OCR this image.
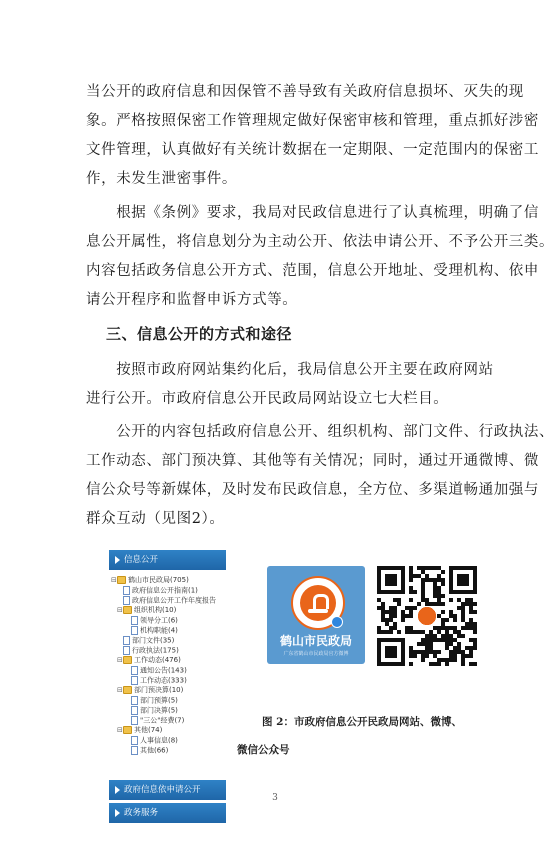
当公开的政府信息和因保管不善导致有关政府信息损坏、灭失的现
象。严格按照保密工作管理规定做好保密审核和管理，重点抓好涉密
文件管理，认真做好有关统计数据在一定期限、一定范围内的保密工
作，未发生泄密事件。

　　根据《条例》要求，我局对民政信息进行了认真梳理，明确了信
息公开属性，将信息划分为主动公开、依法申请公开、不予公开三类。
内容包括政务信息公开方式、范围，信息公开地址、受理机构、依申
请公开程序和监督申诉方式等。

三、信息公开的方式和途径

　　按照市政府网站集约化后，我局信息公开主要在政府网站
进行公开。市政府信息公开民政局网站设立七大栏目。

　　公开的内容包括政府信息公开、组织机构、部门文件、行政执法、
工作动态、部门预决算、其他等有关情况；同时，通过开通微博、微
信公众号等新媒体，及时发布民政信息，全方位、多渠道畅通加强与
群众互动（见图2）。

信息公开
⊟ 鹤山市民政局(705)
政府信息公开指南(1)
政府信息公开工作年度报告
⊟ 组织机构(10)
领导分工(6)
机构职能(4)
部门文件(35)
行政执法(175)
⊟ 工作动态(476)
通知公告(143)
工作动态(333)
⊟ 部门预决算(10)
部门预算(5)
部门决算(5)
"三公"经费(7)
⊟ 其他(74)
人事信息(8)
其他(66)
政府信息依申请公开
政务服务
鹤山市民政局
广东省鹤山市民政局官方微博

图 2：市政府信息公开民政局网站、微博、

微信公众号

3
